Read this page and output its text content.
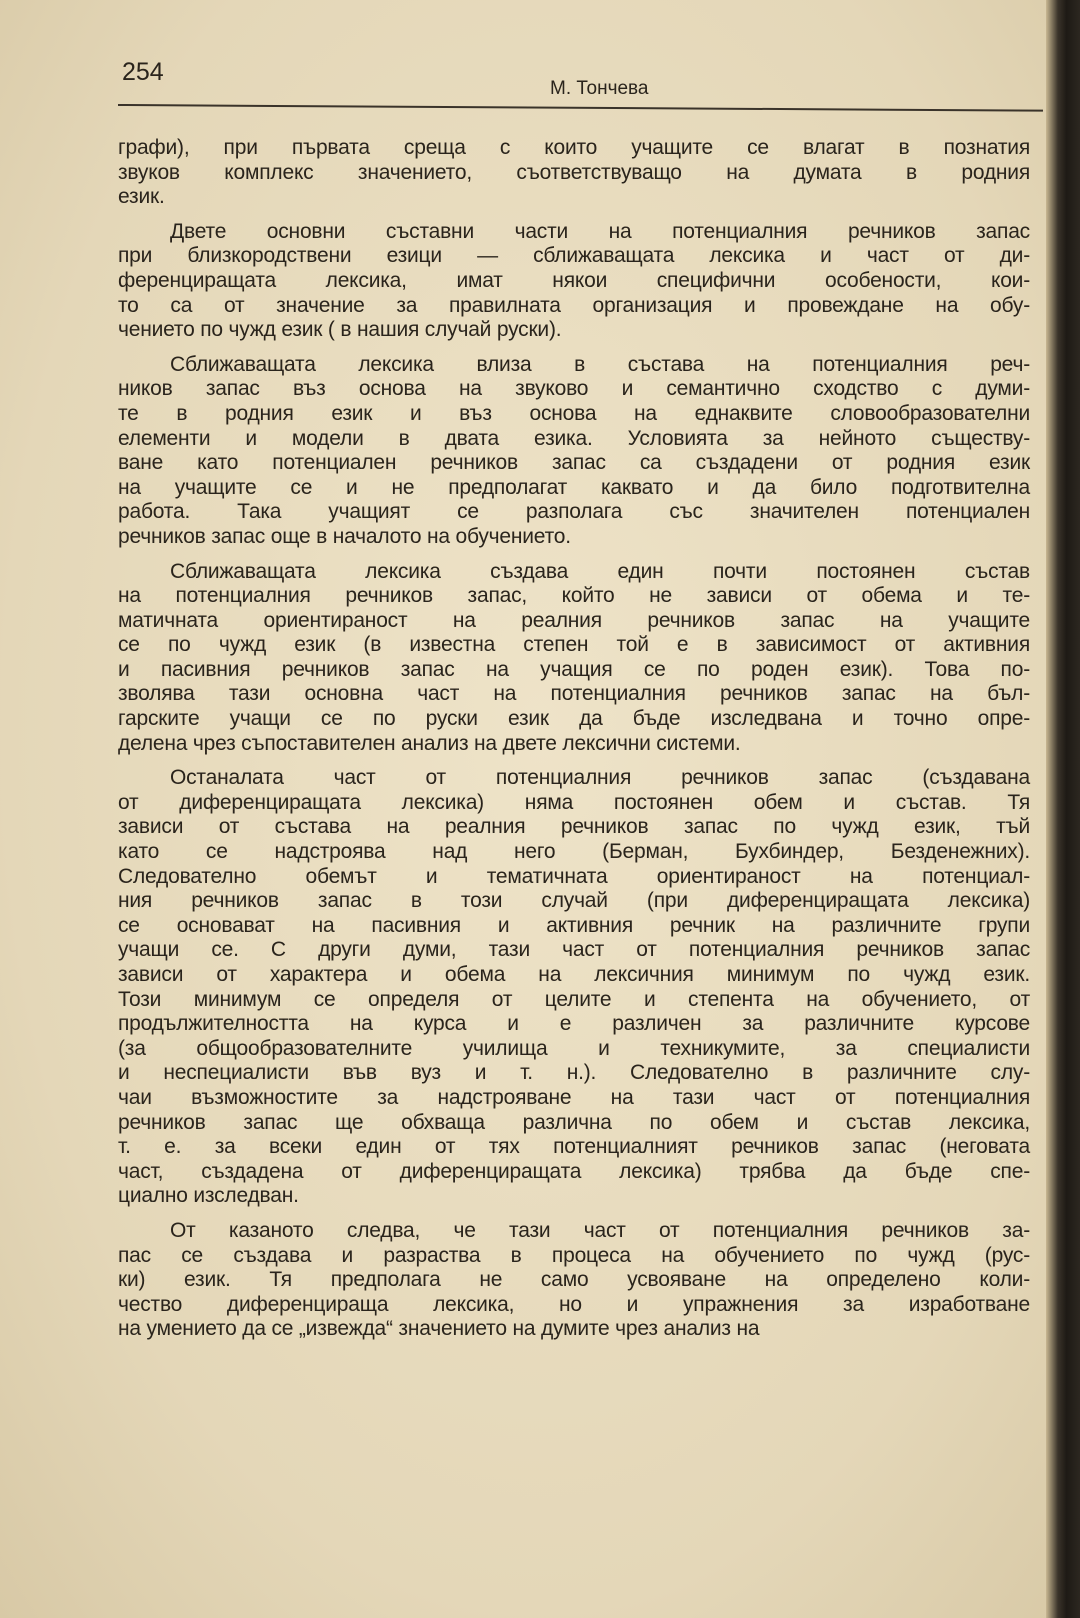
254
М. Тончева
графи), при първата среща с които учащите се влагат в познатия
звуков комплекс значението, съответствуващо на думата в родния
език.
Двете основни съставни части на потенциалния речников запас
при близкородствени езици — сближаващата лексика и част от ди-
ференциращата лексика, имат някои специфични особености, кои-
то са от значение за правилната организация и провеждане на обу-
чението по чужд език ( в нашия случай руски).
Сближаващата лексика влиза в състава на потенциалния реч-
ников запас въз основа на звуково и семантично сходство с думи-
те в родния език и въз основа на еднаквите словообразователни
елементи и модели в двата езика. Условията за нейното съществу-
ване като потенциален речников запас са създадени от родния език
на учащите се и не предполагат каквато и да било подготвителна
работа. Така учащият се разполага със значителен потенциален
речников запас още в началото на обучението.
Сближаващата лексика създава един почти постоянен състав
на потенциалния речников запас, който не зависи от обема и те-
матичната ориентираност на реалния речников запас на учащите
се по чужд език (в известна степен той е в зависимост от активния
и пасивния речников запас на учащия се по роден език). Това по-
зволява тази основна част на потенциалния речников запас на бъл-
гарските учащи се по руски език да бъде изследвана и точно опре-
делена чрез съпоставителен анализ на двете лексични системи.
Останалата част от потенциалния речников запас (създавана
от диференциращата лексика) няма постоянен обем и състав. Тя
зависи от състава на реалния речников запас по чужд език, тъй
като се надстроява над него (Берман, Бухбиндер, Безденежних).
Следователно обемът и тематичната ориентираност на потенциал-
ния речников запас в този случай (при диференциращата лексика)
се основават на пасивния и активния речник на различните групи
учащи се. С други думи, тази част от потенциалния речников запас
зависи от характера и обема на лексичния минимум по чужд език.
Този минимум се определя от целите и степента на обучението, от
продължителността на курса и е различен за различните курсове
(за общообразователните училища и техникумите, за специалисти
и неспециалисти във вуз и т. н.). Следователно в различните слу-
чаи възможностите за надстрояване на тази част от потенциалния
речников запас ще обхваща различна по обем и състав лексика,
т. е. за всеки един от тях потенциалният речников запас (неговата
част, създадена от диференциращата лексика) трябва да бъде спе-
циално изследван.
От казаното следва, че тази част от потенциалния речников за-
пас се създава и разраства в процеса на обучението по чужд (рус-
ки) език. Тя предполага не само усвояване на определено коли-
чество диференцираща лексика, но и упражнения за изработване
на умението да се „извежда“ значението на думите чрез анализ на
